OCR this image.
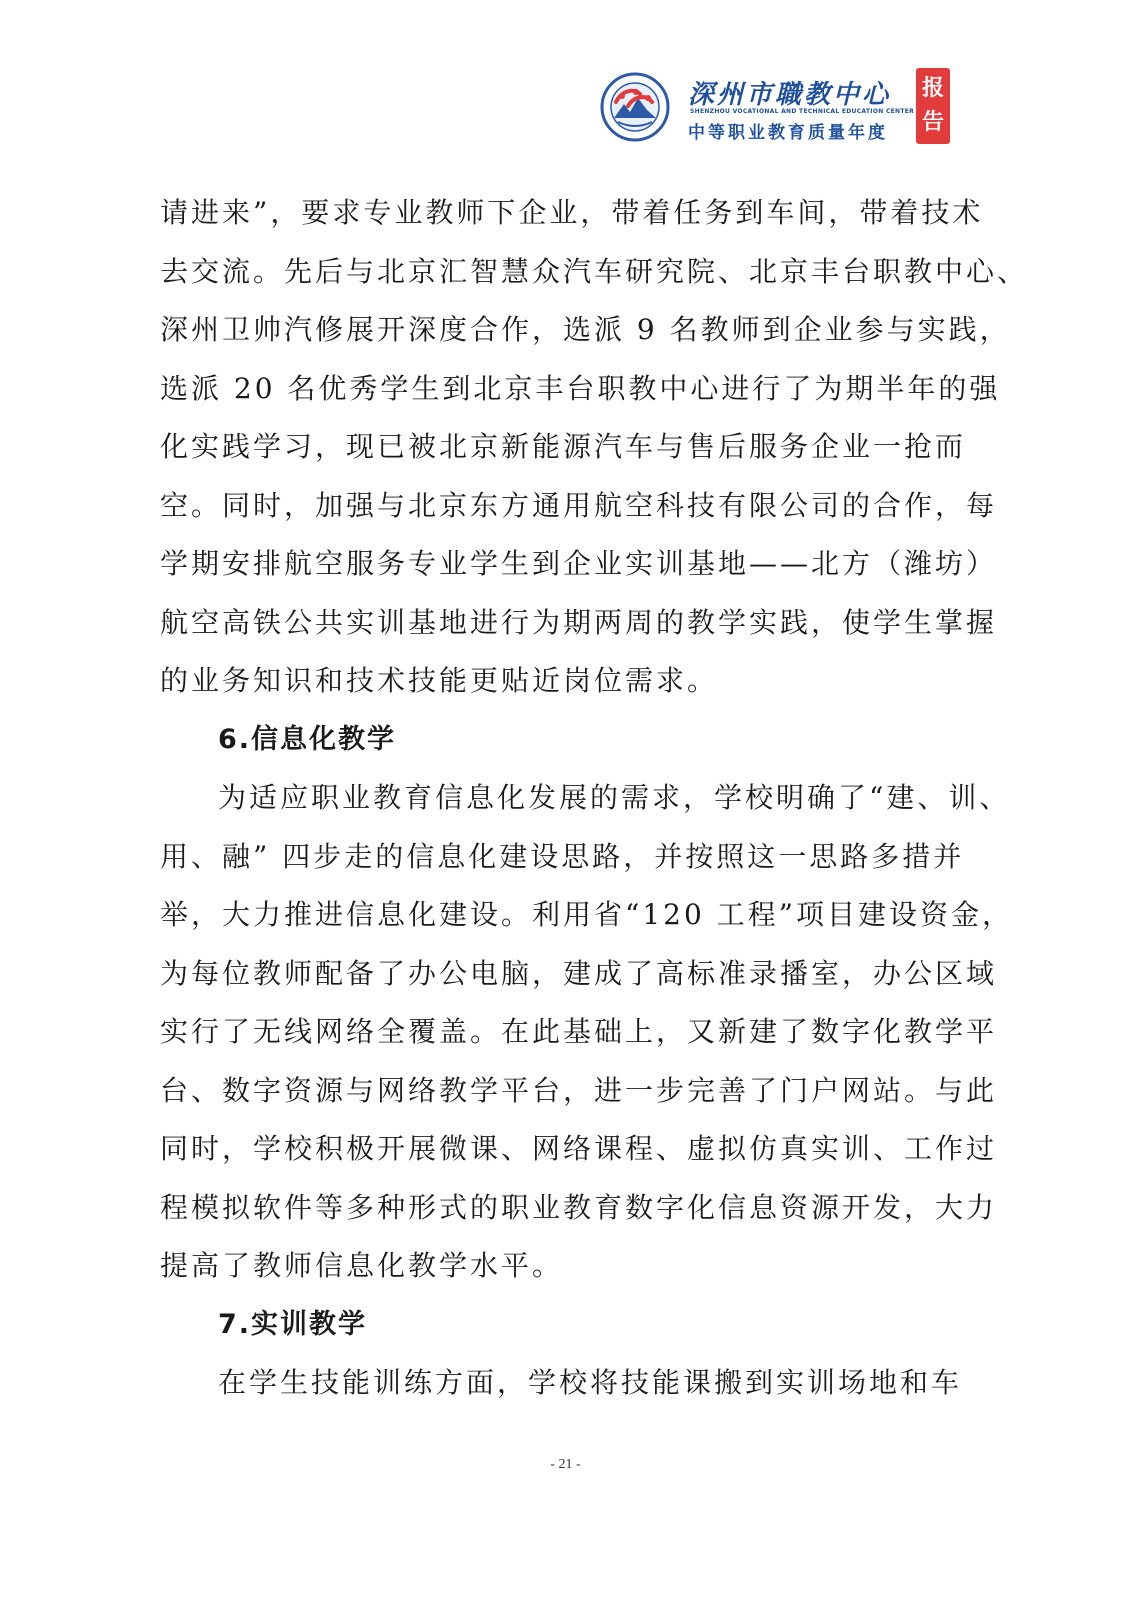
深州市職教中心
SHENZHOU VOCATIONAL AND TECHNICAL EDUCATION CENTER
中等职业教育质量年度
报
告
请进来”，要求专业教师下企业，带着任务到车间，带着技术
去交流。先后与北京汇智慧众汽车研究院、北京丰台职教中心、
深州卫帅汽修展开深度合作，选派 9 名教师到企业参与实践，
选派 20 名优秀学生到北京丰台职教中心进行了为期半年的强
化实践学习，现已被北京新能源汽车与售后服务企业一抢而
空。同时，加强与北京东方通用航空科技有限公司的合作，每
学期安排航空服务专业学生到企业实训基地——北方（潍坊）
航空高铁公共实训基地进行为期两周的教学实践，使学生掌握
的业务知识和技术技能更贴近岗位需求。
6.信息化教学
为适应职业教育信息化发展的需求，学校明确了“建、训、
用、融” 四步走的信息化建设思路，并按照这一思路多措并
举，大力推进信息化建设。利用省“120 工程”项目建设资金，
为每位教师配备了办公电脑，建成了高标准录播室，办公区域
实行了无线网络全覆盖。在此基础上，又新建了数字化教学平
台、数字资源与网络教学平台，进一步完善了门户网站。与此
同时，学校积极开展微课、网络课程、虚拟仿真实训、工作过
程模拟软件等多种形式的职业教育数字化信息资源开发，大力
提高了教师信息化教学水平。
7.实训教学
在学生技能训练方面，学校将技能课搬到实训场地和车
- 21 -
